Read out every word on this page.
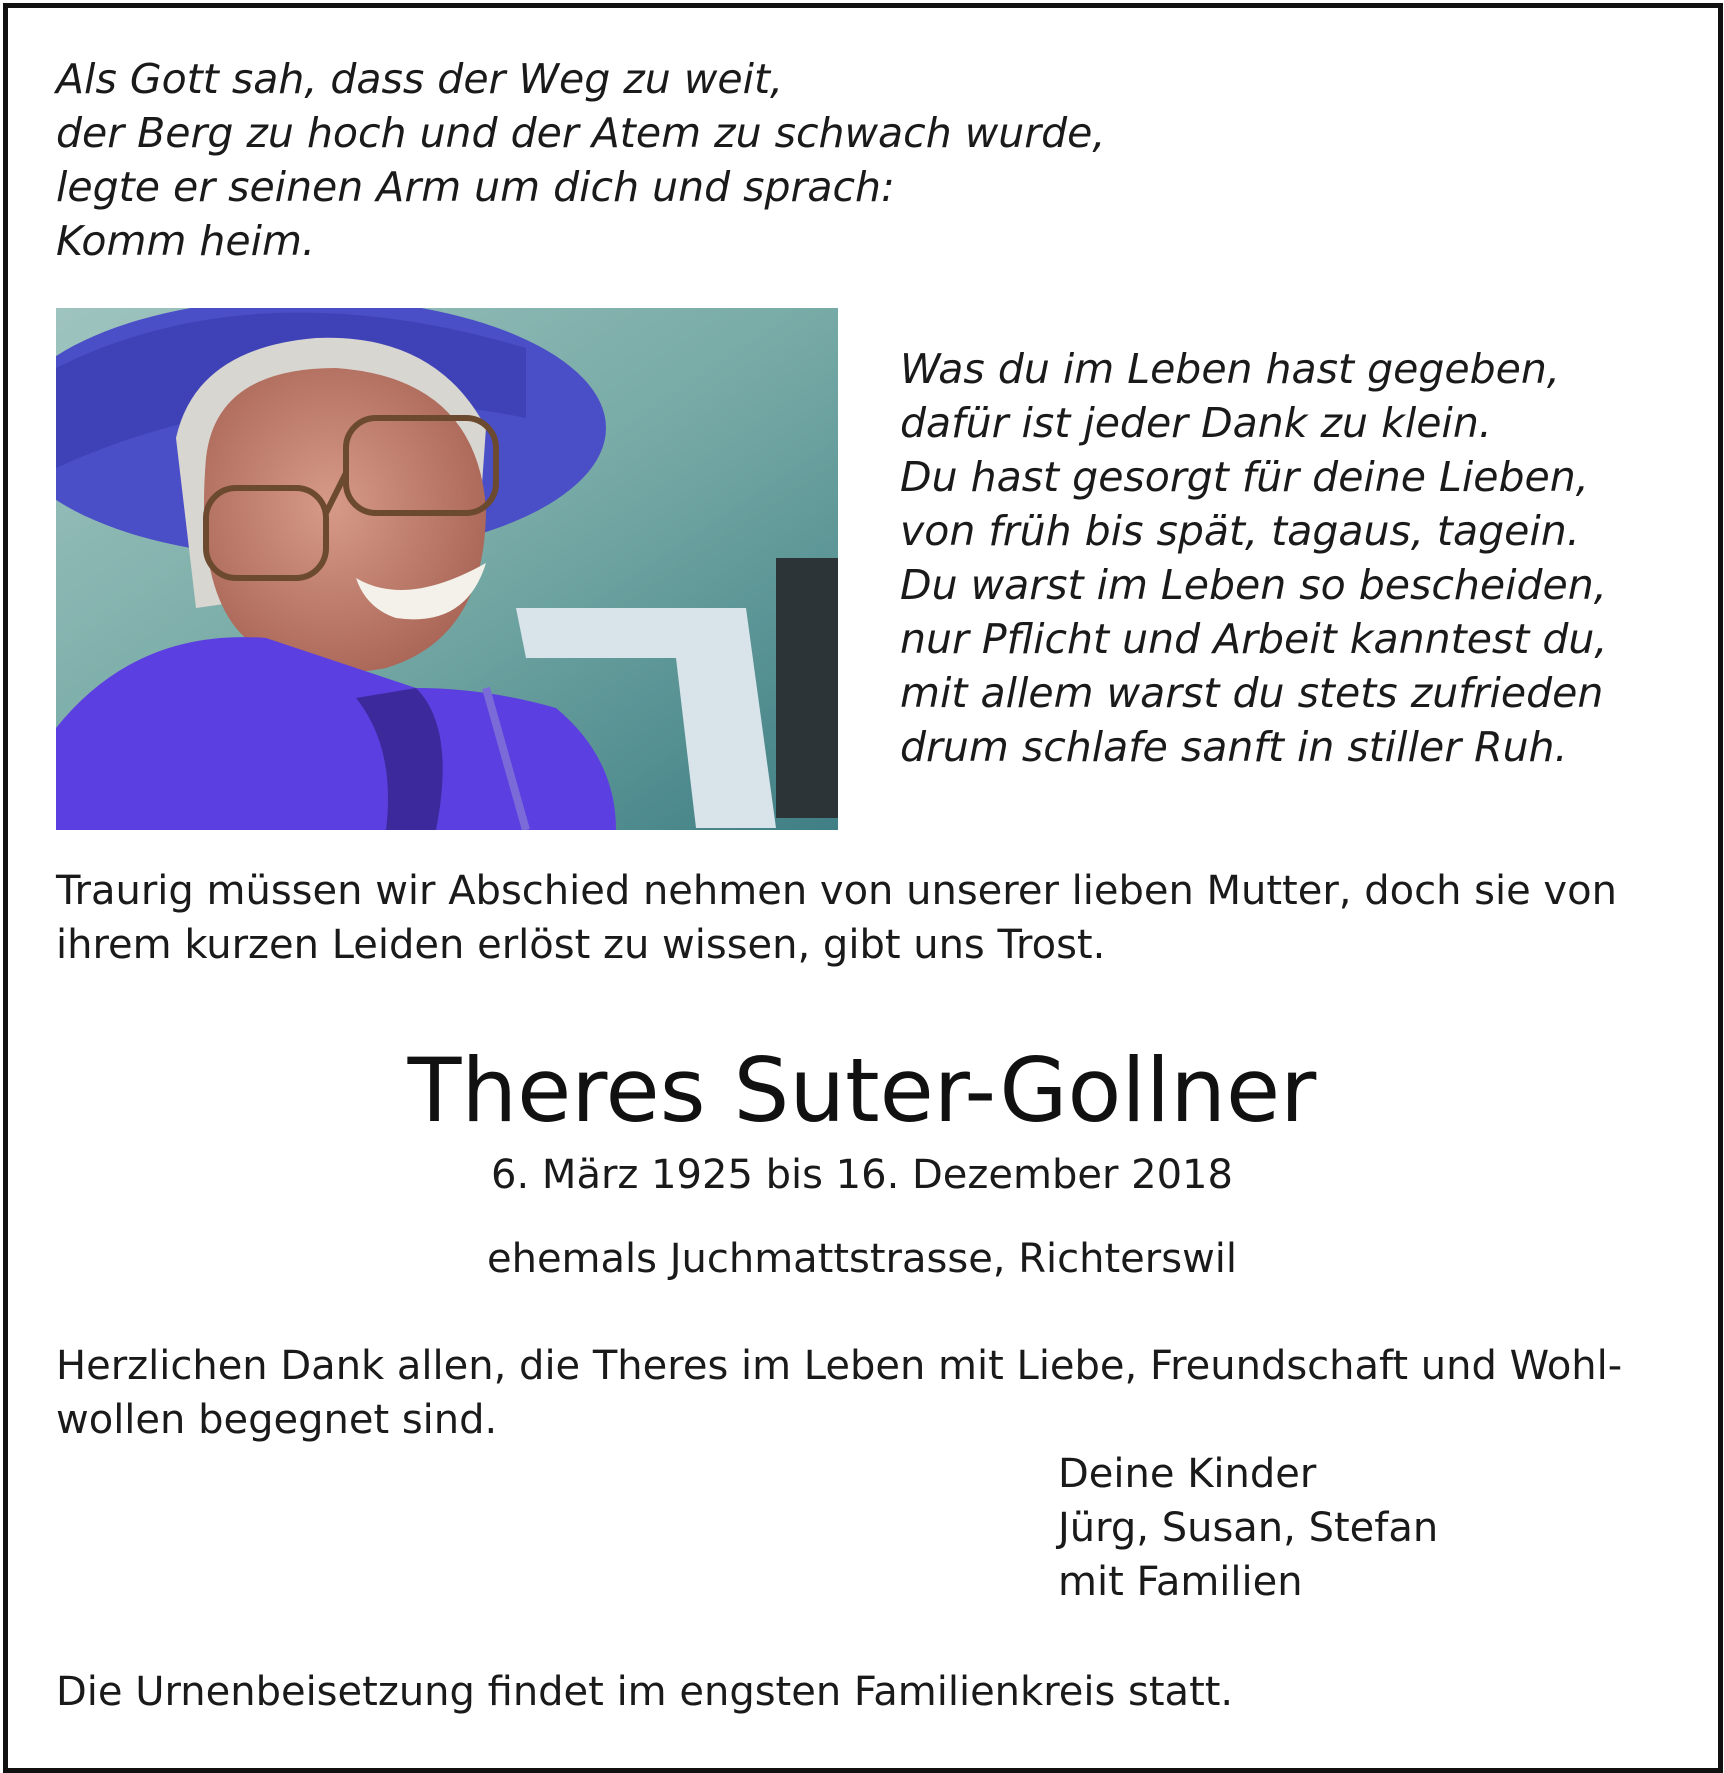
Als Gott sah, dass der Weg zu weit,
der Berg zu hoch und der Atem zu schwach wurde,
legte er seinen Arm um dich und sprach:
Komm heim.
Was du im Leben hast gegeben,
dafür ist jeder Dank zu klein.
Du hast gesorgt für deine Lieben,
von früh bis spät, tagaus, tagein.
Du warst im Leben so bescheiden,
nur Pflicht und Arbeit kanntest du,
mit allem warst du stets zufrieden
drum schlafe sanft in stiller Ruh.
Traurig müssen wir Abschied nehmen von unserer lieben Mutter, doch sie von
ihrem kurzen Leiden erlöst zu wissen, gibt uns Trost.
Theres Suter-Gollner

6. März 1925 bis 16. Dezember 2018

ehemals Juchmattstrasse, Richterswil

Herzlichen Dank allen, die Theres im Leben mit Liebe, Freundschaft und Wohl-
wollen begegnet sind.
Deine Kinder
Jürg, Susan, Stefan
mit Familien
Die Urnenbeisetzung findet im engsten Familienkreis statt.
